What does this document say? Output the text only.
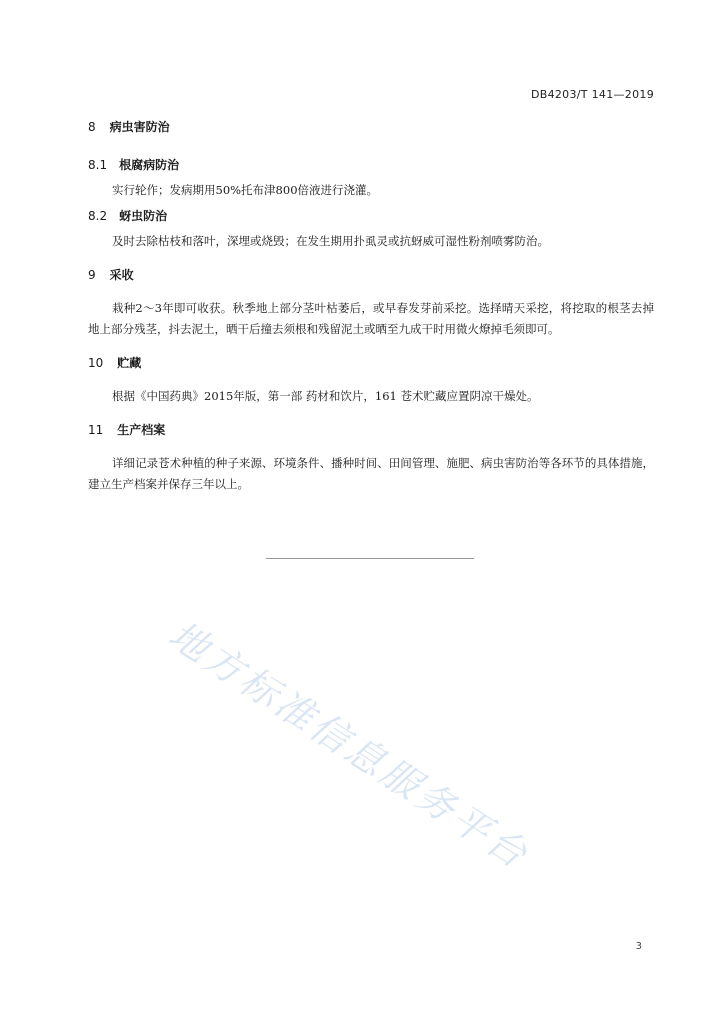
DB4203/T 141—2019
8 病虫害防治
8.1 根腐病防治

实行轮作；发病期用50%托布津800倍液进行浇灌。

8.2 蚜虫防治

及时去除枯枝和落叶，深埋或烧毁；在发生期用扑虱灵或抗蚜威可湿性粉剂喷雾防治。

9 采收

栽种2～3年即可收获。秋季地上部分茎叶枯萎后，或早春发芽前采挖。选择晴天采挖，将挖取的根茎去掉地上部分残茎，抖去泥土，晒干后撞去须根和残留泥土或晒至九成干时用微火燎掉毛须即可。

10 贮藏

根据《中国药典》2015年版，第一部 药材和饮片，161 苍术贮藏应置阴凉干燥处。

11 生产档案

详细记录苍术种植的种子来源、环境条件、播种时间、田间管理、施肥、病虫害防治等各环节的具体措施，建立生产档案并保存三年以上。

地方标准信息服务平台
3
